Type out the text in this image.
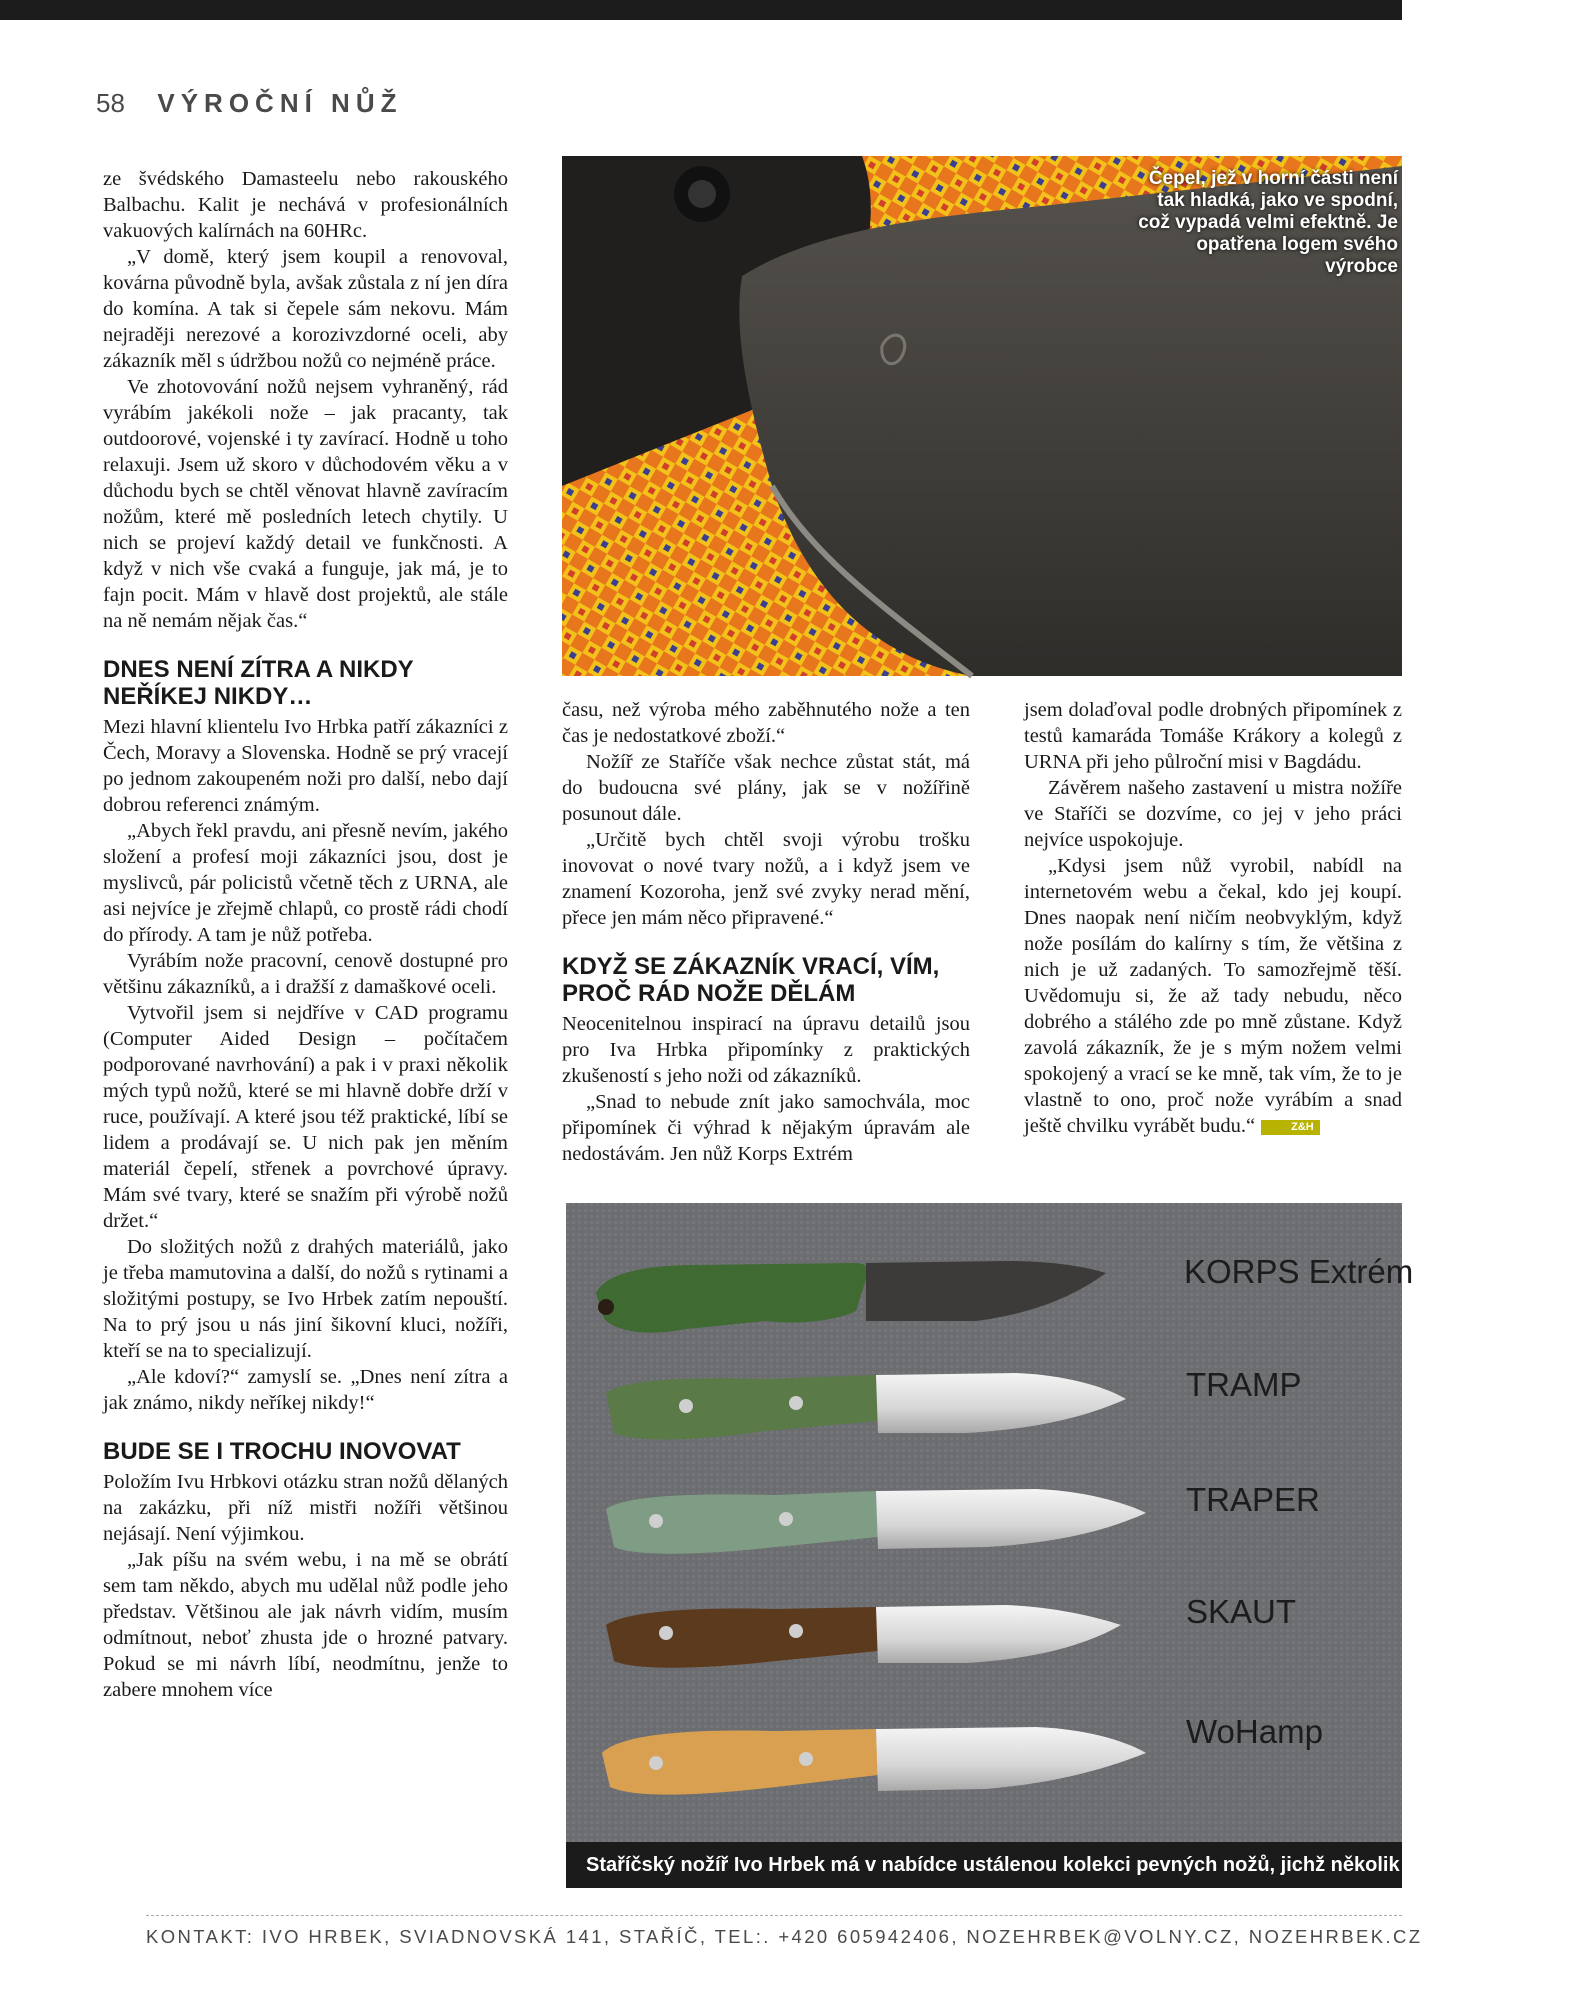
58 VÝROČNÍ NŮŽ

ze švédského Damasteelu nebo rakouského Balbachu. Kalit je nechává v profesionálních vakuových kalírnách na 60HRc.

„V domě, který jsem koupil a renovoval, kovárna původně byla, avšak zůstala z ní jen díra do komína. A tak si čepele sám nekovu. Mám nejraději nerezové a korozivzdorné oceli, aby zákazník měl s údržbou nožů co nejméně práce.

Ve zhotovování nožů nejsem vyhraněný, rád vyrábím jakékoli nože – jak pracanty, tak outdoorové, vojenské i ty zavírací. Hodně u toho relaxuji. Jsem už skoro v důchodovém věku a v důchodu bych se chtěl věnovat hlavně zavíracím nožům, které mě posledních letech chytily. U nich se projeví každý detail ve funkčnosti. A když v nich vše cvaká a funguje, jak má, je to fajn pocit. Mám v hlavě dost projektů, ale stále na ně nemám nějak čas.“

DNES NENÍ ZÍTRA A NIKDY NEŘÍKEJ NIKDY…

Mezi hlavní klientelu Ivo Hrbka patří zákazníci z Čech, Moravy a Slovenska. Hodně se prý vracejí po jednom zakoupeném noži pro další, nebo dají dobrou referenci známým.

„Abych řekl pravdu, ani přesně nevím, jakého složení a profesí moji zákazníci jsou, dost je myslivců, pár policistů včetně těch z URNA, ale asi nejvíce je zřejmě chlapů, co prostě rádi chodí do přírody. A tam je nůž potřeba.

Vyrábím nože pracovní, cenově dostupné pro většinu zákazníků, a i dražší z damaškové oceli.

Vytvořil jsem si nejdříve v CAD programu (Computer Aided Design – počítačem podporované navrhování) a pak i v praxi několik mých typů nožů, které se mi hlavně dobře drží v ruce, používají. A které jsou též praktické, líbí se lidem a prodávají se. U nich pak jen měním materiál čepelí, střenek a povrchové úpravy. Mám své tvary, které se snažím při výrobě nožů držet.“

Do složitých nožů z drahých materiálů, jako je třeba mamutovina a další, do nožů s rytinami a složitými postupy, se Ivo Hrbek zatím nepouští. Na to prý jsou u nás jiní šikovní kluci, nožíři, kteří se na to specializují.

„Ale kdoví?“ zamyslí se. „Dnes není zítra a jak známo, nikdy neříkej nikdy!“

BUDE SE I TROCHU INOVOVAT

Položím Ivu Hrbkovi otázku stran nožů dělaných na zakázku, při níž mistři nožíři většinou nejásají. Není výjimkou.

„Jak píšu na svém webu, i na mě se obrátí sem tam někdo, abych mu udělal nůž podle jeho představ. Většinou ale jak návrh vidím, musím odmítnout, neboť zhusta jde o hrozné patvary. Pokud se mi návrh líbí, neodmítnu, jenže to zabere mnohem více

Čepel, jež v horní části není tak hladká, jako ve spodní, což vypadá velmi efektně. Je opatřena logem svého výrobce

času, než výroba mého zaběhnutého nože a ten čas je nedostatkové zboží.“

Nožíř ze Staříče však nechce zůstat stát, má do budoucna své plány, jak se v nožířině posunout dále.

„Určitě bych chtěl svoji výrobu trošku inovovat o nové tvary nožů, a i když jsem ve znamení Kozoroha, jenž své zvyky nerad mění, přece jen mám něco připravené.“

KDYŽ SE ZÁKAZNÍK VRACÍ, VÍM, PROČ RÁD NOŽE DĚLÁM

Neocenitelnou inspirací na úpravu detailů jsou pro Iva Hrbka připomínky z praktických zkušeností s jeho noži od zákazníků.

„Snad to nebude znít jako samochvála, moc připomínek či výhrad k nějakým úpravám ale nedostávám. Jen nůž Korps Extrém

jsem dolaďoval podle drobných připomínek z testů kamaráda Tomáše Krákory a kolegů z URNA při jeho půlroční misi v Bagdádu.

Závěrem našeho zastavení u mistra nožíře ve Staříči se dozvíme, co jej v jeho práci nejvíce uspokojuje.

„Kdysi jsem nůž vyrobil, nabídl na internetovém webu a čekal, kdo jej koupí. Dnes naopak není ničím neobvyklým, když nože posílám do kalírny s tím, že většina z nich je už zadaných. To samozřejmě těší. Uvědomuju si, že až tady nebudu, něco dobrého a stálého zde po mně zůstane. Když zavolá zákazník, že je s mým nožem velmi spokojený a vrací se ke mně, tak vím, že to je vlastně to ono, proč nože vyrábím a snad ještě chvilku vyrábět budu.“	Z&H

KORPS Extrém
TRAMP
TRAPER
SKAUT
WoHamp
Staříčský nožíř Ivo Hrbek má v nabídce ustálenou kolekci pevných nožů, jichž několik vidíme na snímku
KONTAKT: IVO HRBEK, SVIADNOVSKÁ 141, STAŘÍČ, TEL:. +420 605942406, NOZEHRBEK@VOLNY.CZ, NOZEHRBEK.CZ
